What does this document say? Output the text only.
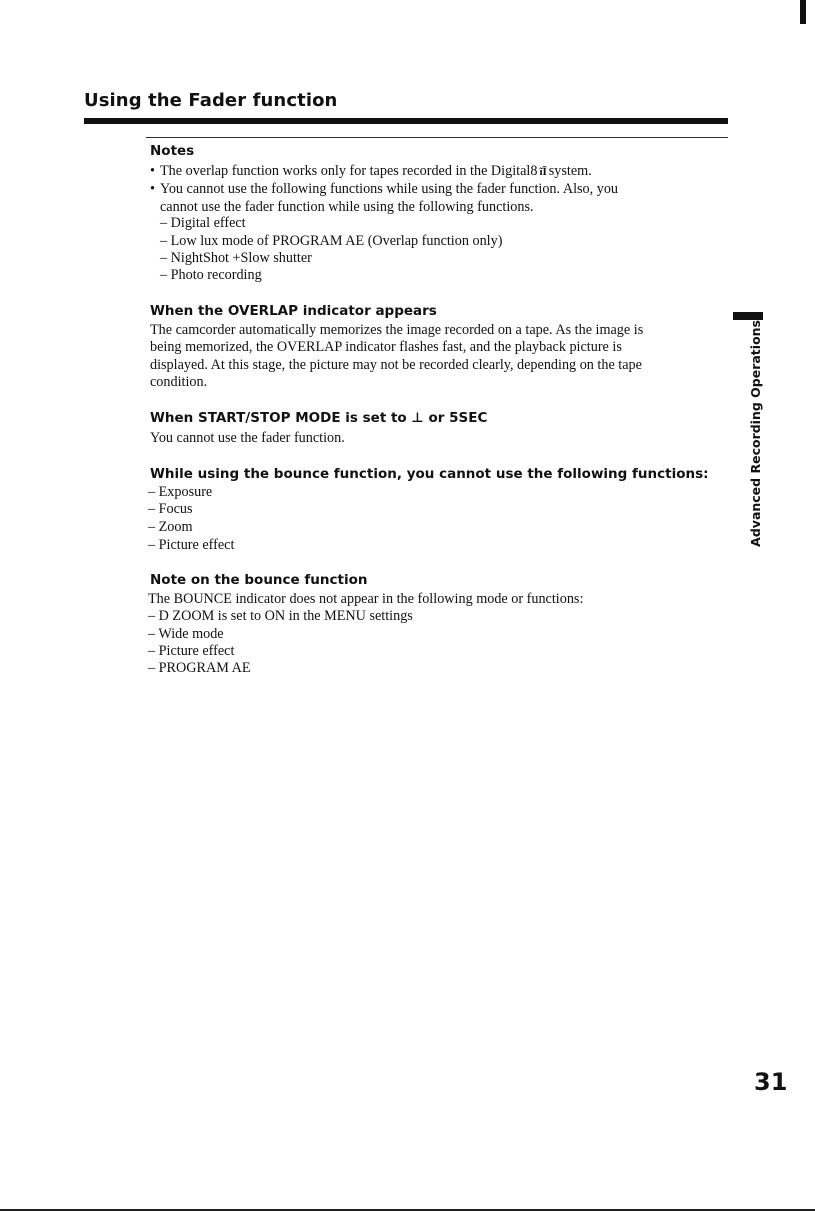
Using the Fader function
Notes
• The overlap function works only for tapes recorded in the Digital8 ĩĨ system.
• You cannot use the following functions while using the fader function. Also, you
cannot use the fader function while using the following functions.
– Digital effect
– Low lux mode of PROGRAM AE (Overlap function only)
– NightShot +Slow shutter
– Photo recording
When the OVERLAP indicator appears
The camcorder automatically memorizes the image recorded on a tape. As the image is
being memorized, the OVERLAP indicator flashes fast, and the playback picture is
displayed. At this stage, the picture may not be recorded clearly, depending on the tape
condition.
When START/STOP MODE is set to ⊥ or 5SEC
You cannot use the fader function.
While using the bounce function, you cannot use the following functions:
– Exposure
– Focus
– Zoom
– Picture effect
Note on the bounce function
The BOUNCE indicator does not appear in the following mode or functions:
– D ZOOM is set to ON in the MENU settings
– Wide mode
– Picture effect
– PROGRAM AE
Advanced Recording Operations
31
